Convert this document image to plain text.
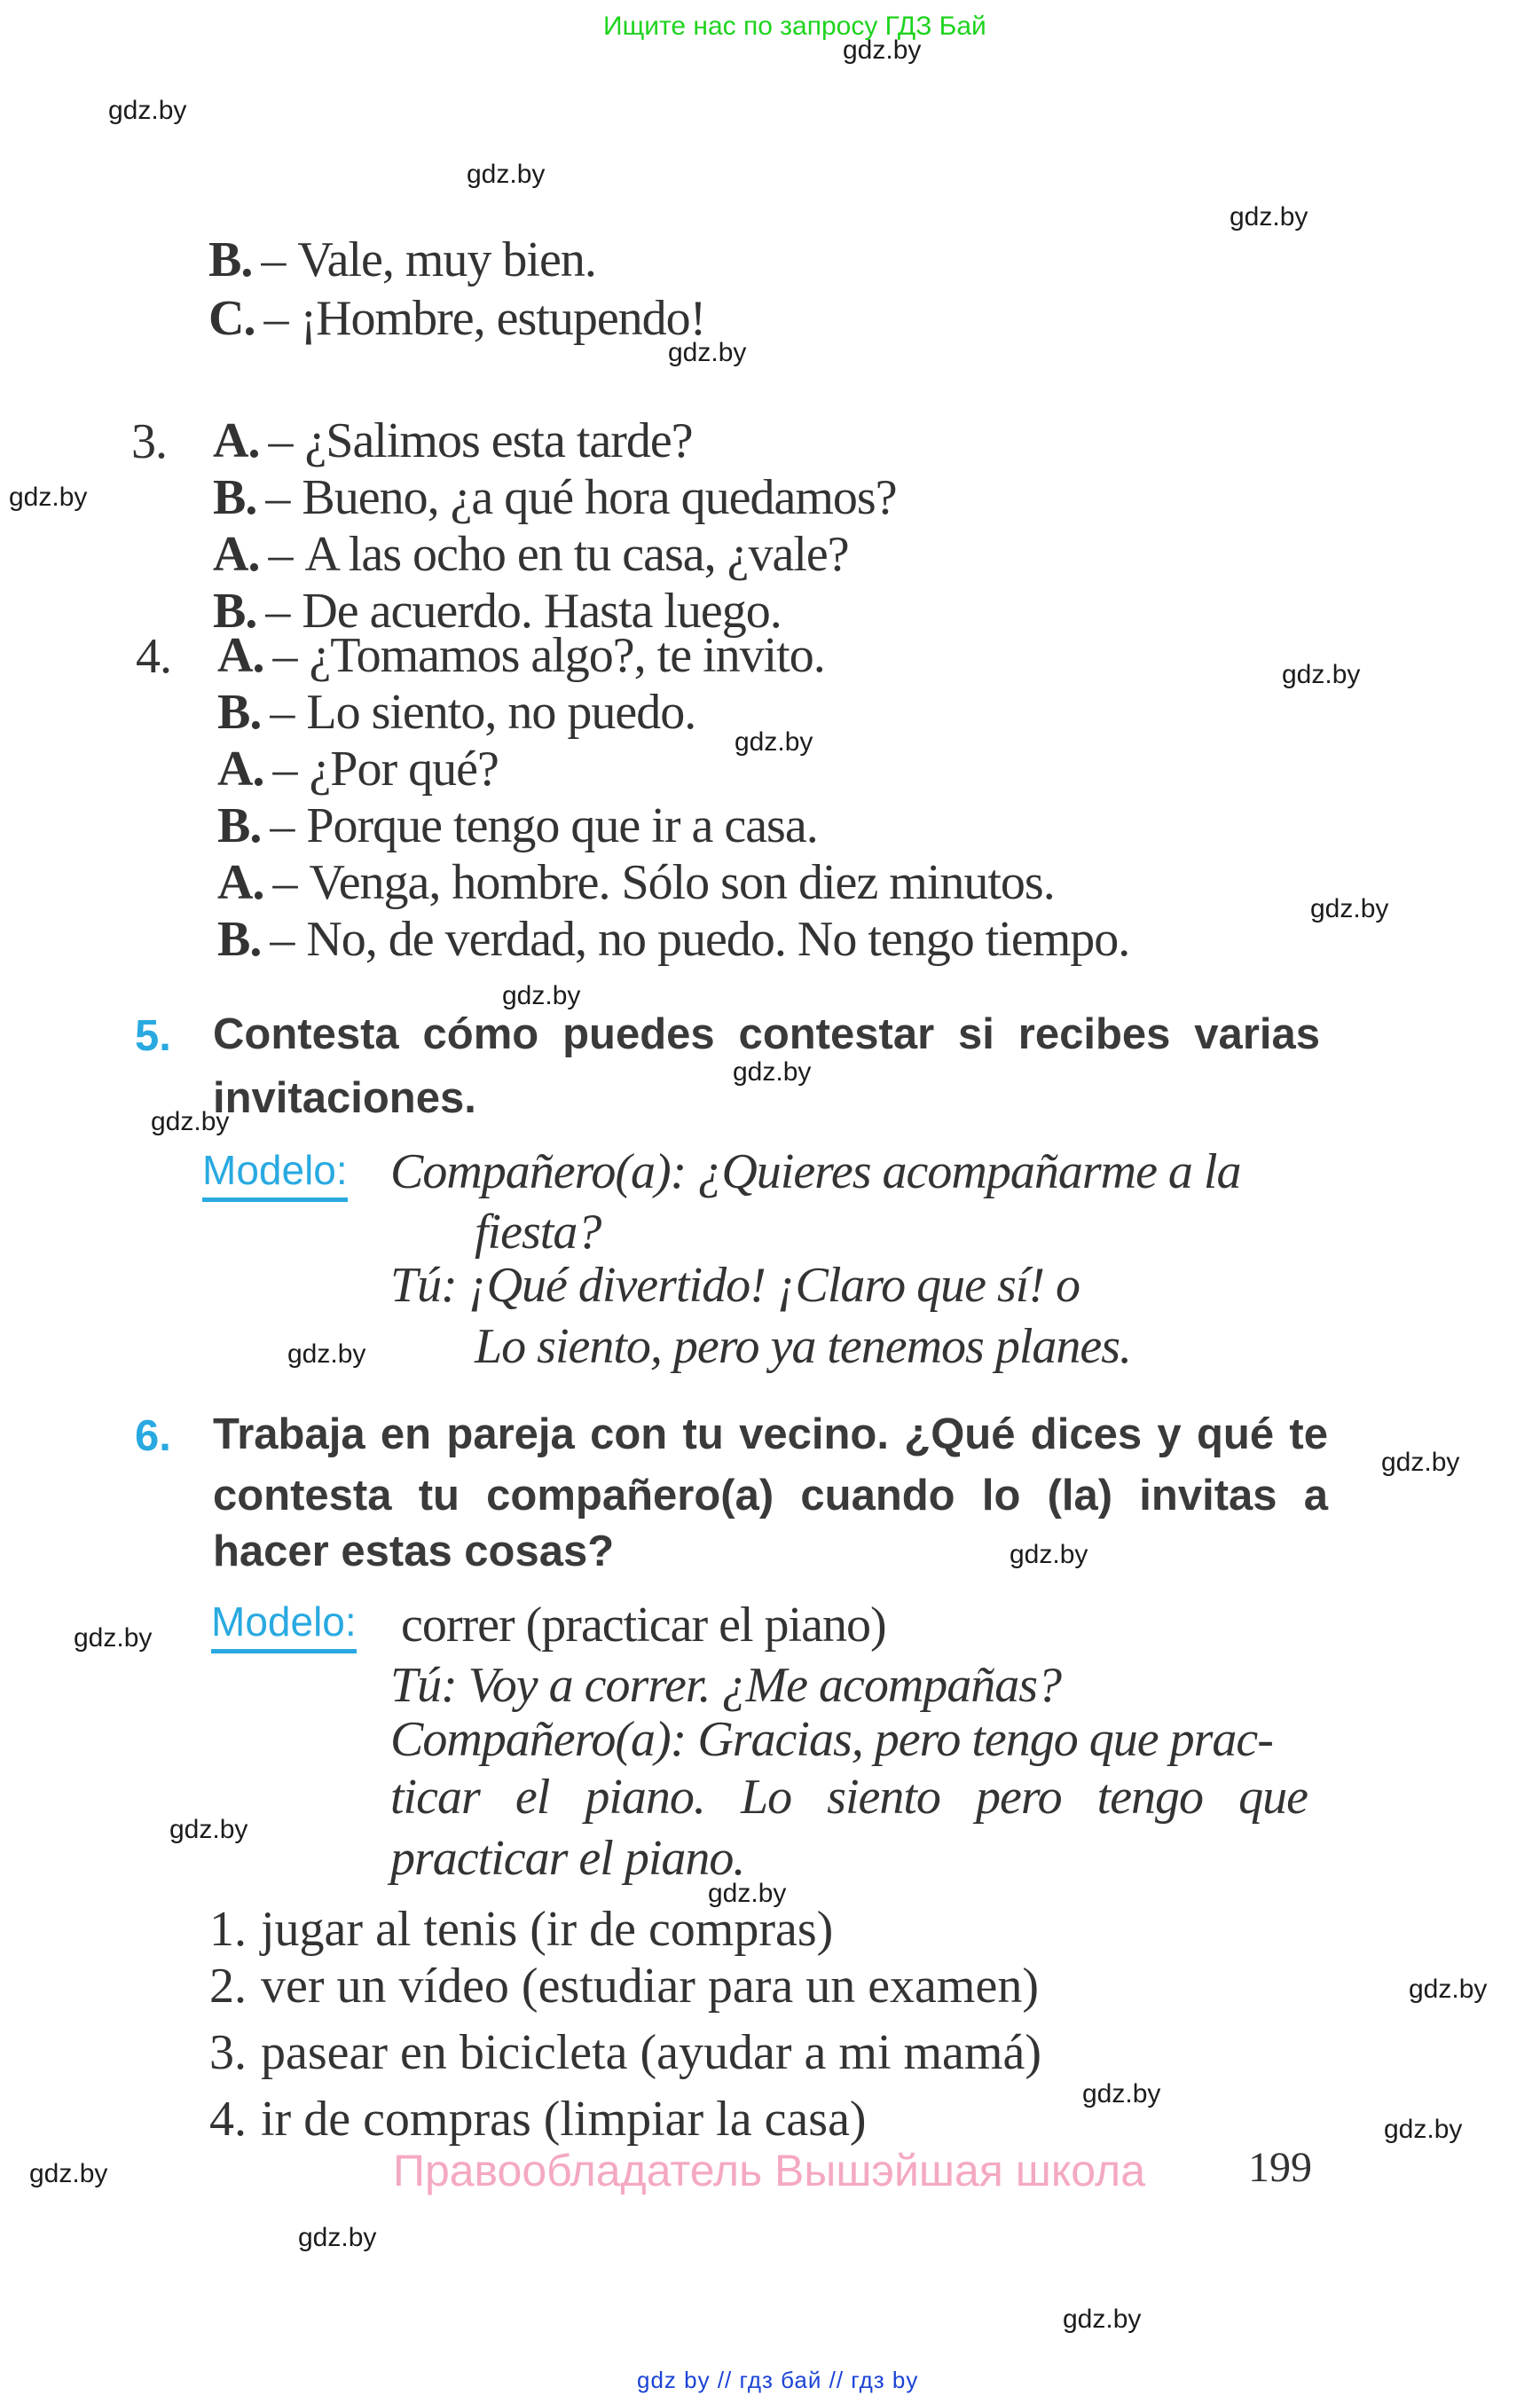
Ищите нас по запросу ГДЗ Бай
gdz.by
gdz.by
gdz.by
gdz.by
gdz.by
gdz.by
gdz.by
gdz.by
gdz.by
gdz.by
gdz.by
gdz.by
gdz.by
gdz.by
gdz.by
gdz.by
gdz.by
gdz.by
gdz.by
gdz.by
gdz.by
gdz.by
gdz.by
gdz.by
B. – Vale, muy bien.
C. – ¡Hombre, estupendo!
3. A. – ¿Salimos esta tarde?
B. – Bueno, ¿a qué hora quedamos?
A. – A las ocho en tu casa, ¿vale?
B. – De acuerdo. Hasta luego.
4. A. – ¿Tomamos algo?, te invito.
B. – Lo siento, no puedo.
A. – ¿Por qué?
B. – Porque tengo que ir a casa.
A. – Venga, hombre. Sólo son diez minutos.
B. – No, de verdad, no puedo. No tengo tiempo.
5. Contesta cómo puedes contestar si recibes varias
invitaciones.
Modelo: Compañero(a): ¿Quieres acompañarme a la
fiesta?
Tú: ¡Qué divertido! ¡Claro que sí! o
Lo siento, pero ya tenemos planes.
6. Trabaja en pareja con tu vecino. ¿Qué dices y qué te
contesta tu compañero(a) cuando lo (la) invitas a
hacer estas cosas?
Modelo: correr (practicar el piano)
Tú: Voy a correr. ¿Me acompañas?
Compañero(a): Gracias, pero tengo que prac-
ticar el piano. Lo siento pero tengo que
practicar el piano.
1. jugar al tenis (ir de compras)
2. ver un vídeo (estudiar para un examen)
3. pasear en bicicleta (ayudar a mi mamá)
4. ir de compras (limpiar la casa)
Правообладатель Вышэйшая школа 199
gdz by // гдз бай // гдз by
